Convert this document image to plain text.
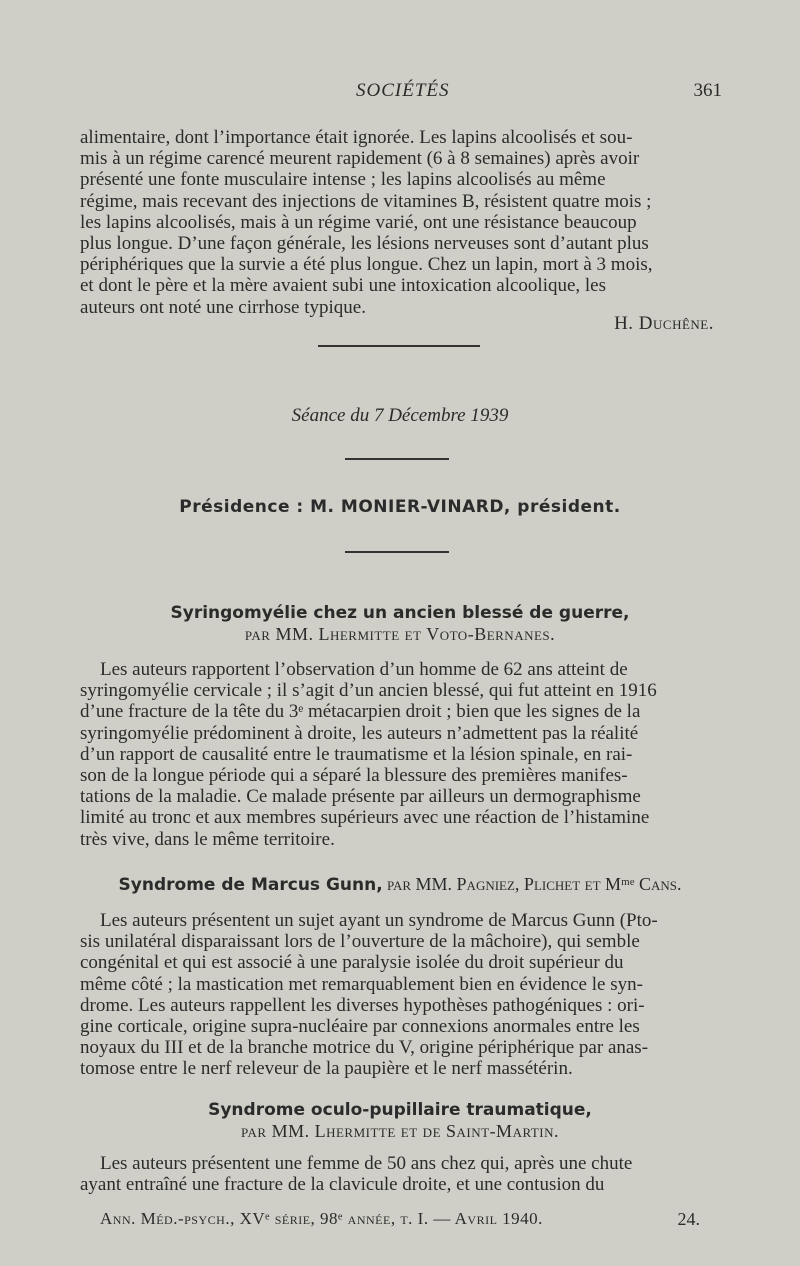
SOCIÉTÉS	361
alimentaire, dont l’importance était ignorée. Les lapins alcoolisés et sou-
mis à un régime carencé meurent rapidement (6 à 8 semaines) après avoir
présenté une fonte musculaire intense ; les lapins alcoolisés au même
régime, mais recevant des injections de vitamines B, résistent quatre mois ;
les lapins alcoolisés, mais à un régime varié, ont une résistance beaucoup
plus longue. D’une façon générale, les lésions nerveuses sont d’autant plus
périphériques que la survie a été plus longue. Chez un lapin, mort à 3 mois,
et dont le père et la mère avaient subi une intoxication alcoolique, les
auteurs ont noté une cirrhose typique.
H. Duchêne.
Séance du 7 Décembre 1939
Présidence : M. MONIER-VINARD, président.
Syringomyélie chez un ancien blessé de guerre,
par MM. Lhermitte et Voto-Bernanes.
Les auteurs rapportent l’observation d’un homme de 62 ans atteint de
syringomyélie cervicale ; il s’agit d’un ancien blessé, qui fut atteint en 1916
d’une fracture de la tête du 3ᵉ métacarpien droit ; bien que les signes de la
syringomyélie prédominent à droite, les auteurs n’admettent pas la réalité
d’un rapport de causalité entre le traumatisme et la lésion spinale, en rai-
son de la longue période qui a séparé la blessure des premières manifes-
tations de la maladie. Ce malade présente par ailleurs un dermographisme
limité au tronc et aux membres supérieurs avec une réaction de l’histamine
très vive, dans le même territoire.
Syndrome de Marcus Gunn, par MM. Pagniez, Plichet et Mᵐᵉ Cans.
Les auteurs présentent un sujet ayant un syndrome de Marcus Gunn (Pto-
sis unilatéral disparaissant lors de l’ouverture de la mâchoire), qui semble
congénital et qui est associé à une paralysie isolée du droit supérieur du
même côté ; la mastication met remarquablement bien en évidence le syn-
drome. Les auteurs rappellent les diverses hypothèses pathogéniques : ori-
gine corticale, origine supra-nucléaire par connexions anormales entre les
noyaux du III et de la branche motrice du V, origine périphérique par anas-
tomose entre le nerf releveur de la paupière et le nerf massétérin.
Syndrome oculo-pupillaire traumatique,
par MM. Lhermitte et de Saint-Martin.
Les auteurs présentent une femme de 50 ans chez qui, après une chute
ayant entraîné une fracture de la clavicule droite, et une contusion du
Ann. Méd.-psych., XVᵉ série, 98ᵉ année, t. I. — Avril 1940.	24.
